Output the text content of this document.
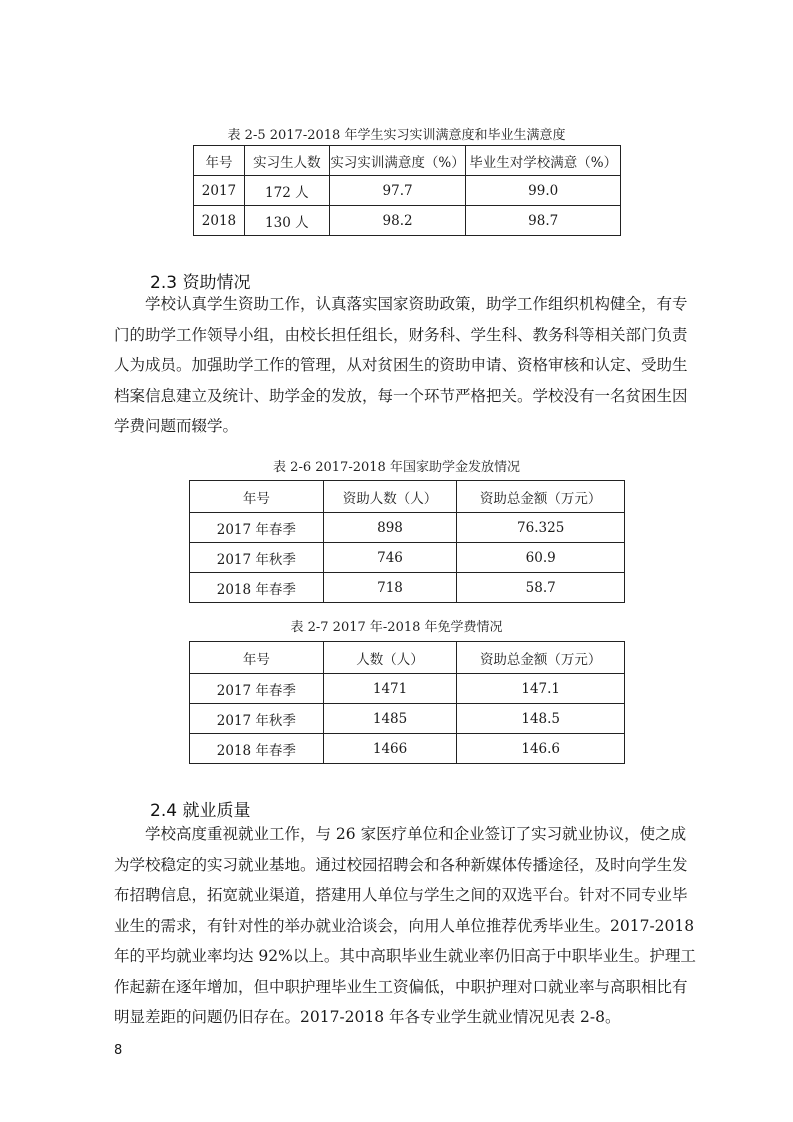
表 2-5 2017-2018 年学生实习实训满意度和毕业生满意度
年号	实习生人数	实习实训满意度（%）	毕业生对学校满意（%）
2017	172 人	97.7	99.0
2018	130 人	98.2	98.7
2.3 资助情况

学校认真学生资助工作，认真落实国家资助政策，助学工作组织机构健全，有专
门的助学工作领导小组，由校长担任组长，财务科、学生科、教务科等相关部门负责
人为成员。加强助学工作的管理，从对贫困生的资助申请、资格审核和认定、受助生
档案信息建立及统计、助学金的发放，每一个环节严格把关。学校没有一名贫困生因
学费问题而辍学。

表 2-6 2017-2018 年国家助学金发放情况
年号	资助人数（人）	资助总金额（万元）
2017 年春季	898	76.325
2017 年秋季	746	60.9
2018 年春季	718	58.7
表 2-7 2017 年-2018 年免学费情况
年号	人数（人）	资助总金额（万元）
2017 年春季	1471	147.1
2017 年秋季	1485	148.5
2018 年春季	1466	146.6
2.4 就业质量

学校高度重视就业工作，与 26 家医疗单位和企业签订了实习就业协议，使之成
为学校稳定的实习就业基地。通过校园招聘会和各种新媒体传播途径，及时向学生发
布招聘信息，拓宽就业渠道，搭建用人单位与学生之间的双选平台。针对不同专业毕
业生的需求，有针对性的举办就业洽谈会，向用人单位推荐优秀毕业生。2017-2018
年的平均就业率均达 92%以上。其中高职毕业生就业率仍旧高于中职毕业生。护理工
作起薪在逐年增加，但中职护理毕业生工资偏低，中职护理对口就业率与高职相比有
明显差距的问题仍旧存在。2017-2018 年各专业学生就业情况见表 2-8。

8
